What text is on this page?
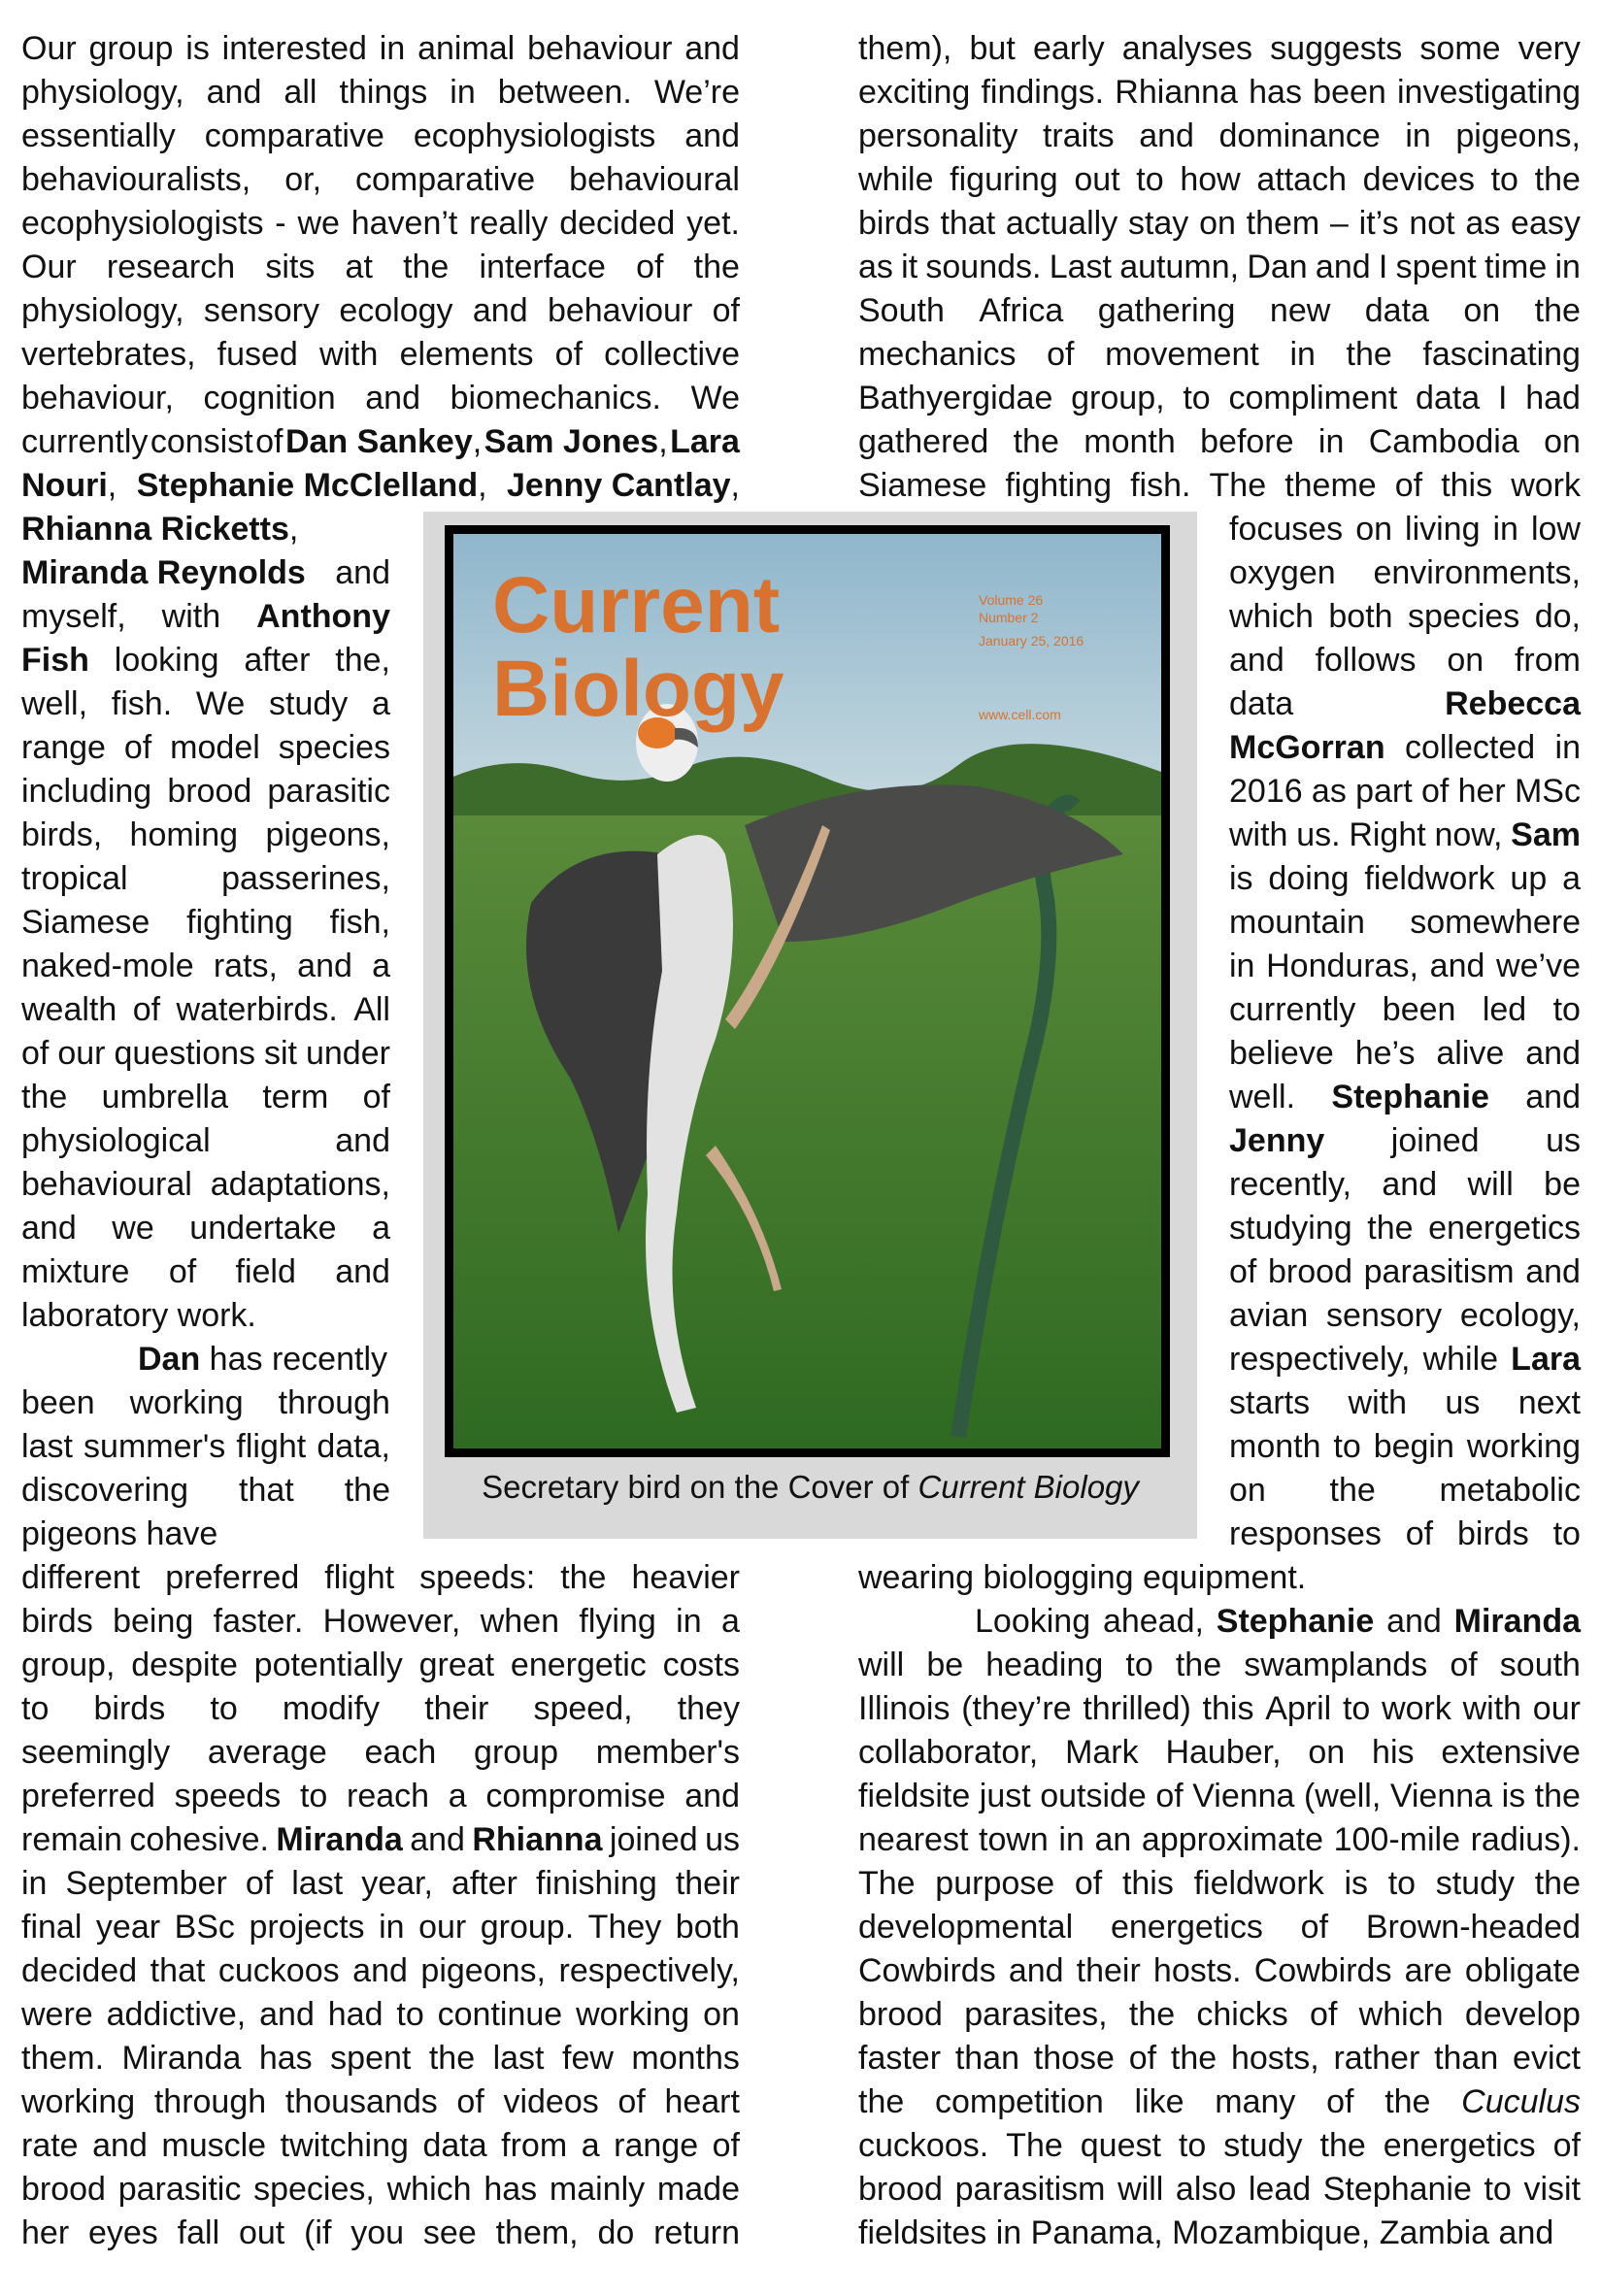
Our group is interested in animal behaviour and
physiology, and all things in between. We’re
essentially comparative ecophysiologists and
behaviouralists, or, comparative behavioural
ecophysiologists - we haven’t really decided yet.
Our research sits at the interface of the
physiology, sensory ecology and behaviour of
vertebrates, fused with elements of collective
behaviour, cognition and biomechanics. We
currently consist of Dan Sankey, Sam Jones, Lara
Nouri, Stephanie McClelland, Jenny Cantlay,
Rhianna Ricketts,
Miranda Reynolds and
myself, with Anthony
Fish looking after the,
well, fish. We study a
range of model species
including brood parasitic
birds, homing pigeons,
tropical	passerines,
Siamese fighting fish,
naked-mole rats, and a
wealth of waterbirds. All
of our questions sit under
the umbrella term of
physiological	and
behavioural adaptations,
and we undertake a
mixture of field and
laboratory work.
Dan has recently
been working through
last summer's flight data,
discovering that the
pigeons have
different preferred flight speeds: the heavier
birds being faster. However, when flying in a
group, despite potentially great energetic costs
to birds to modify their speed, they
seemingly average each group member's
preferred speeds to reach a compromise and
remain cohesive. Miranda and Rhianna joined us
in September of last year, after finishing their
final year BSc projects in our group. They both
decided that cuckoos and pigeons, respectively,
were addictive, and had to continue working on
them. Miranda has spent the last few months
working through thousands of videos of heart
rate and muscle twitching data from a range of
brood parasitic species, which has mainly made
her eyes fall out (if you see them, do return
them), but early analyses suggests some very
exciting findings. Rhianna has been investigating
personality traits and dominance in pigeons,
while figuring out to how attach devices to the
birds that actually stay on them – it’s not as easy
as it sounds. Last autumn, Dan and I spent time in
South Africa gathering new data on the
mechanics of movement in the fascinating
Bathyergidae group, to compliment data I had
gathered the month before in Cambodia on
Siamese fighting fish. The theme of this work
focuses on living in low
oxygen environments,
which both species do,
and follows on from
data	Rebecca
McGorran collected in
2016 as part of her MSc
with us. Right now, Sam
is doing fieldwork up a
mountain somewhere
in Honduras, and we’ve
currently been led to
believe he’s alive and
well. Stephanie and
Jenny joined us
recently, and will be
studying the energetics
of brood parasitism and
avian sensory ecology,
respectively, while Lara
starts with us next
month to begin working
on the metabolic
responses of birds to
wearing biologging equipment.
Looking ahead, Stephanie and Miranda
will be heading to the swamplands of south
Illinois (they’re thrilled) this April to work with our
collaborator, Mark Hauber, on his extensive
fieldsite just outside of Vienna (well, Vienna is the
nearest town in an approximate 100-mile radius).
The purpose of this fieldwork is to study the
developmental energetics of Brown-headed
Cowbirds and their hosts. Cowbirds are obligate
brood parasites, the chicks of which develop
faster than those of the hosts, rather than evict
the competition like many of the Cuculus
cuckoos. The quest to study the energetics of
brood parasitism will also lead Stephanie to visit
fieldsites in Panama, Mozambique, Zambia and
Current
Biology
Volume 26
Number 2
January 25, 2016
www.cell.com
Secretary bird on the Cover of Current Biology
